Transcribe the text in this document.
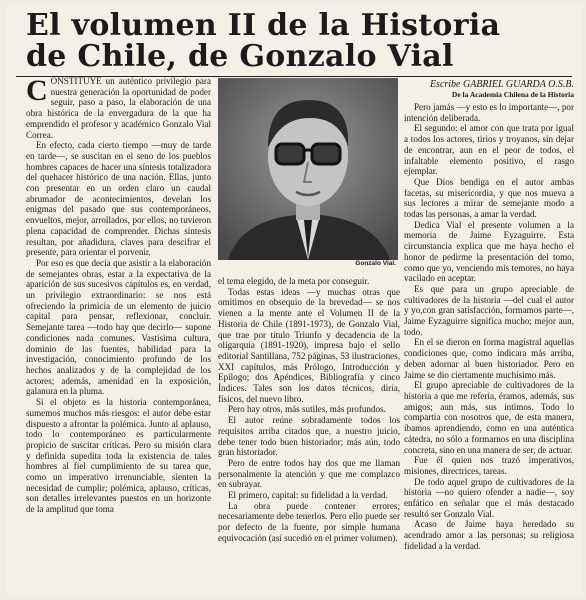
El volumen II de la Historia
de Chile, de Gonzalo Vial
Escribe GABRIEL GUARDA O.S.B.
De la Academia Chilena de la Historia

CONSTITUYE un auténtico privilegio para nuestra generación la oportunidad de poder seguir, paso a paso, la elaboración de una obra histórica de la envergadura de la que ha emprendido el profesor y académico Gonzalo Vial Correa.

En efecto, cada cierto tiempo —muy de tarde en tarde—, se suscitan en el seno de los pueblos hombres capaces de hacer una síntesis totalizadora del quehacer histórico de una nación. Ellas, junto con presentar en un orden claro un caudal abrumador de acontecimientos, develan los enigmas del pasado que sus contemporáneos, envueltos, mejor, arrollados, por ellos, no tuvieron plena capacidad de comprender. Dichas síntesis resultan, por añadidura, claves para descifrar el presente, para orientar el porvenir.

Por eso es que decía que asistir a la elaboración de semejantes obras, estar a la expectativa de la aparición de sus sucesivos capítulos es, en verdad, un privilegio extraordinario: se nos está ofreciendo la primicia de un elemento de juicio capital para pensar, reflexionar, concluir. Semejante tarea —todo hay que decirlo— supone condiciones nada comunes. Vastísima cultura, dominio de las fuentes, habilidad para la investigación, conocimiento profundo de los hechos analizados y de la complejidad de los actores; además, amenidad en la exposición, galanura en la pluma.

Si el objeto es la historia contemporánea, sumemos muchos más riesgos: el autor debe estar dispuesto a afrontar la polémica. Junto al aplauso, todo lo contemporáneo es particularmente propicio de suscitar críticas. Pero su misión clara y definida supedita toda la existencia de tales hombres al fiel cumplimiento de su tarea que, como un imperativo irrenunciable, sienten la necesidad de cumplir; polémica, aplauso, críticas, son detalles irrelevantes puestos en un horizonte de la amplitud que toma

Gonzalo Vial.

el tema elegido, de la meta por conseguir.

Todas estas ideas —y muchas otras que omitimos en obsequio de la brevedad— se nos vienen a la mente ante el Volumen II de la Historia de Chile (1891-1973), de Gonzalo Vial, que trae por título Triunfo y decadencia de la oligarquía (1891-1920), impresa bajo el sello editorial Santillana, 752 páginas, 53 ilustraciones, XXI capítulos, más Prólogo, Introducción y Epílogo; dos Apéndices, Bibliografía y cinco Índices. Tales son los datos técnicos, diría, físicos, del nuevo libro.

Pero hay otros, más sutiles, más profundos.

El autor reúne sobradamente todos los requisitos arriba citados que, a nuestro juicio, debe tener todo buen historiador; más aún, todo gran historiador.

Pero de entre todos hay dos que me llaman personalmente la atención y que me complazco en subrayar.

El primero, capital: su fidelidad a la verdad.

La obra puede contener errores; necesariamente debe tenerlos. Pero ello puede ser por defecto de la fuente, por simple humana equivocación (así sucedió en el primer volumen).

Pero jamás —y esto es lo importante—, por intención deliberada.

El segundo: el amor con que trata por igual a todos los actores, tirios y troyanos, sin dejar de encontrar, aun en el peor de todos, el infaltable elemento positivo, el rasgo ejemplar.

Que Dios bendiga en el autor ambas facetas, su misericordia, y que nos mueva a sus lectores a mirar de semejante modo a todas las personas, a amar la verdad.

Dedica Vial el presente volumen a la memoria de Jaime Eyzaguirre. Esta circunstancia explica que me haya hecho el honor de pedirme la presentación del tomo, como que yo, venciendo mis temores, no haya vacilado en aceptar.

Es que para un grupo apreciable de cultivadores de la historia —del cual el autor y yo,con gran satisfacción, formamos parte—, Jaime Eyzaguirre significa mucho; mejor aun, todo.

En el se dieron en forma magistral aquellas condiciones que, como indicara más arriba, deben adornar al buen historiador. Pero en Jaime se dio ciertamente muchísimo más.

El grupo apreciable de cultivadores de la historia a que me refería, éramos, además, sus amigos; aun más, sus íntimos. Todo lo compartía con nosotros que, de esta manera, íbamos aprendiendo, como en una auténtica cátedra, no sólo a formarnos en una disciplina concreta, sino en una manera de ser, de actuar.

Fue él quien nos trazó imperativos, misiones, directrices, tareas.

De todo aquel grupo de cultivadores de la historia —no quiero ofender a nadie—, soy enfático en señalar que el más destacado resultó ser Gonzalo Vial.

Acaso de Jaime haya heredado su acendrado amor a las personas; su religiosa fidelidad a la verdad.
